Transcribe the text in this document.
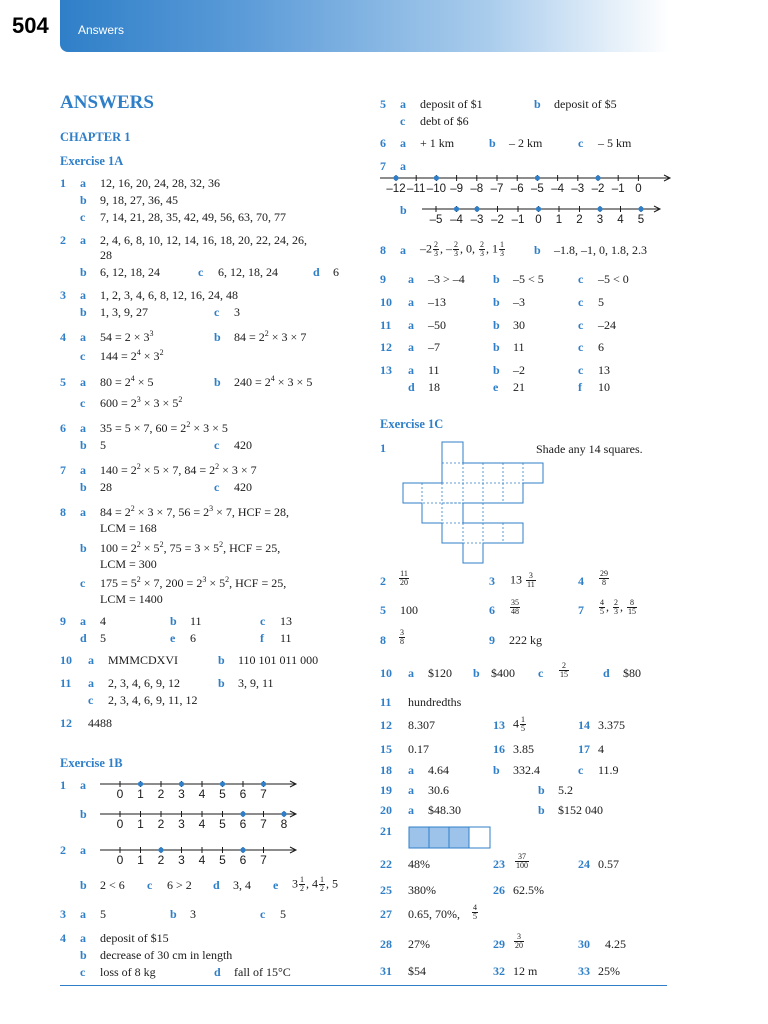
504 Answers
ANSWERS
CHAPTER 1
Exercise 1A
1 a 12, 16, 20, 24, 28, 32, 36
b 9, 18, 27, 36, 45
c 7, 14, 21, 28, 35, 42, 49, 56, 63, 70, 77
2 a 2, 4, 6, 8, 10, 12, 14, 16, 18, 20, 22, 24, 26,
28
b 6, 12, 18, 24	c 6, 12, 18, 24	d 6
3 a 1, 2, 3, 4, 6, 8, 12, 16, 24, 48
b 1, 3, 9, 27	c 3
4 a $54 = 2 \times 3^3$	b $84 = 2^2 \times 3 \times 7$
c $144 = 2^4 \times 3^2$
5 a $80 = 2^4 \times 5$	b $240 = 2^4 \times 3 \times 5$
c $600 = 2^3 \times 3 \times 5^2$
6 a 35 = 5 × 7, $60 = 2^2 \times 3 \times 5$
b 5	c 420
7 a $140 = 2^2 \times 5 \times 7$, $84 = 2^2 \times 3 \times 7$
b 28	c 420
8 a $84 = 2^2 \times 3 \times 7$, $56 = 2^3 \times 7$, HCF = 28,
LCM = 168
b $100 = 2^2 \times 5^2$, $75 = 3 \times 5^2$, HCF = 25,
LCM = 300
c $175 = 5^2 \times 7$, $200 = 2^3 \times 5^2$, HCF = 25,
LCM = 1400
9 a 4	b 11	c 13
d 5	e 6	f 11
10 a MMMCDXVI	b 110 101 011 000
11 a 2, 3, 4, 6, 9, 12	b 3, 9, 11
c 2, 3, 4, 6, 9, 11, 12
12 4488
Exercise 1B
1 a
0 1 2 3 4 5 6 7
b
0 1 2 3 4 5 6 7 8
2 a
0 1 2 3 4 5 6 7
b 2 < 6 c 6 > 2 d 3, 4 e $3 \frac{1}{2}$ , $4 \frac{1}{2}$ , 5
3 a 5	b 3	c 5
4 a deposit of $15
b decrease of 30 cm in length
c loss of 8 kg	d fall of 15°C
5 a deposit of $1	b deposit of $5
c debt of $6
6 a + 1 km	b – 2 km	c – 5 km
7 a
–12 –11 –10 –9 –8 –7 –6 –5 –4 –3 –2 –1 0
b
–5 –4 –3 –2 –1 0 1 2 3 4 5
8 a $-2 \frac{2}{3}$ , – $\frac{2}{3}$ , 0, $\frac{2}{3}$ , $1 \frac{1}{3}$ b –1.8, –1, 0, 1.8, 2.3
9 a –3 > –4 b –5 < 5	c –5 < 0
10 a –13	b –3	c 5
11 a –50	b 30	c –24
12 a –7	b 11	c 6
13 a 11	b –2	c 13
d 18	e 21	f 10
Exercise 1C
1	Shade any 14 squares.
$2 \frac{11}{20}$	3 $13 \frac{3}{11}$	$4 \frac{29}{8}$
5 100	$6 \frac{35}{48}$	$7 \frac{4}{5}$ , $\frac{2}{3}$ , $\frac{8}{15}$
$8 \frac{3}{8}$	9 222 kg
10 a $120 b $400 c $\frac{2}{15}$	d $80
11 hundredths
12 8.307	13 $4 \frac{1}{5}$	14 3.375
15 0.17	16 3.85	17 4
18 a 4.64	b 332.4	c 11.9
19 a 30.6	b 5.2
20 a $48.30	b $152 040
21
22 48%	$23 \frac{37}{100}$	24 0.57
25 380%	26 62.5%
27 0.65, 70%, $\frac{4}{5}$
28 27%	$29 \frac{3}{20}$	30 4.25
31 $54	32 12 m	33 25%
